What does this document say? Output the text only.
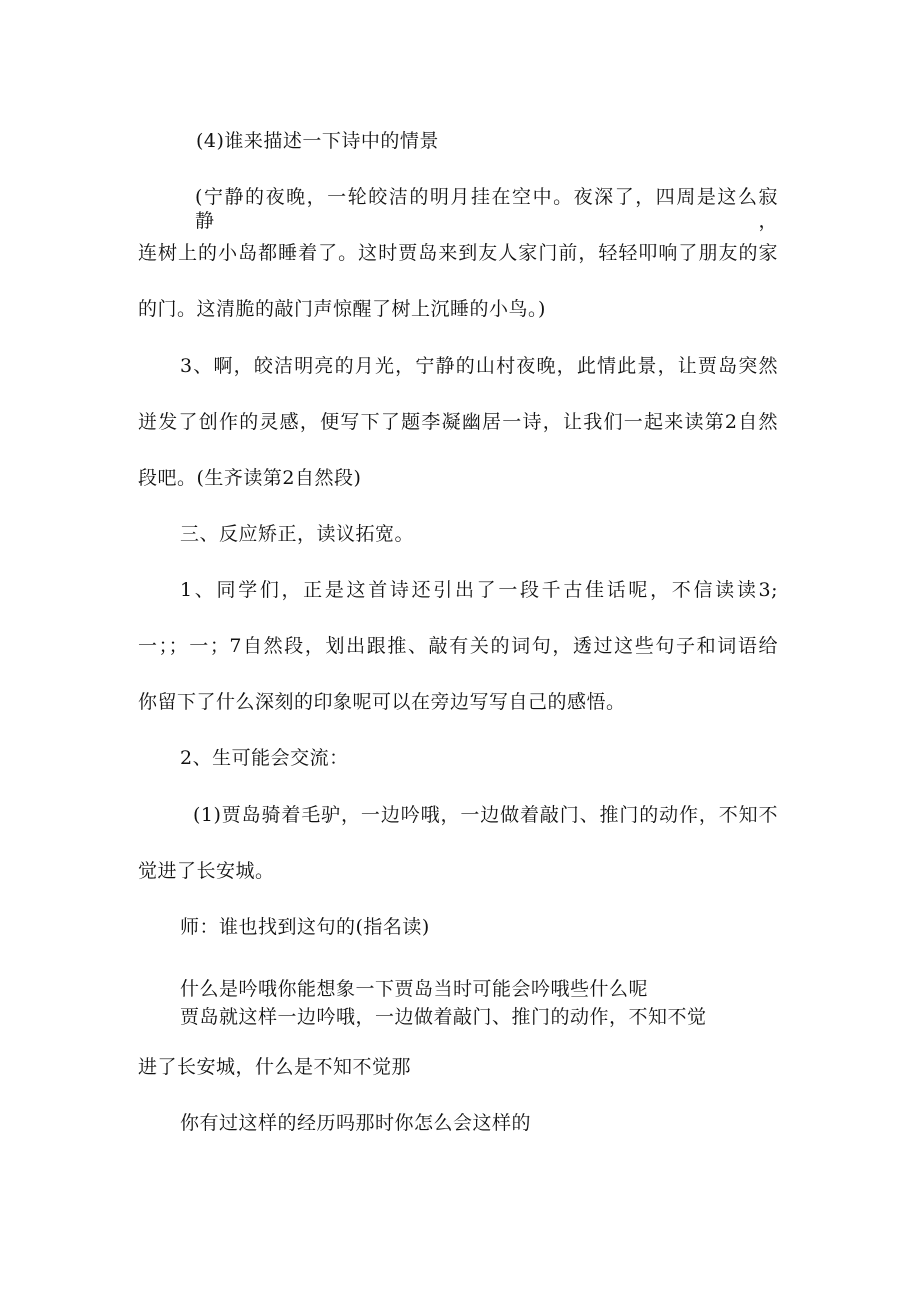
(4)谁来描述一下诗中的情景
(宁静的夜晚，一轮皎洁的明月挂在空中。夜深了，四周是这么寂静，
连树上的小岛都睡着了。这时贾岛来到友人家门前，轻轻叩响了朋友的家
的门。这清脆的敲门声惊醒了树上沉睡的小鸟。)
3、啊，皎洁明亮的月光，宁静的山村夜晚，此情此景，让贾岛突然
迸发了创作的灵感，便写下了题李凝幽居一诗，让我们一起来读第2自然
段吧。(生齐读第2自然段)
三、反应矫正，读议拓宽。
1、同学们，正是这首诗还引出了一段千古佳话呢，不信读读3;
一；；一；7自然段，划出跟推、敲有关的词句，透过这些句子和词语给
你留下了什么深刻的印象呢可以在旁边写写自己的感悟。
2、生可能会交流：
(1)贾岛骑着毛驴，一边吟哦，一边做着敲门、推门的动作，不知不
觉进了长安城。
师：谁也找到这句的(指名读)
什么是吟哦你能想象一下贾岛当时可能会吟哦些什么呢
贾岛就这样一边吟哦，一边做着敲门、推门的动作，不知不觉
进了长安城，什么是不知不觉那
你有过这样的经历吗那时你怎么会这样的
